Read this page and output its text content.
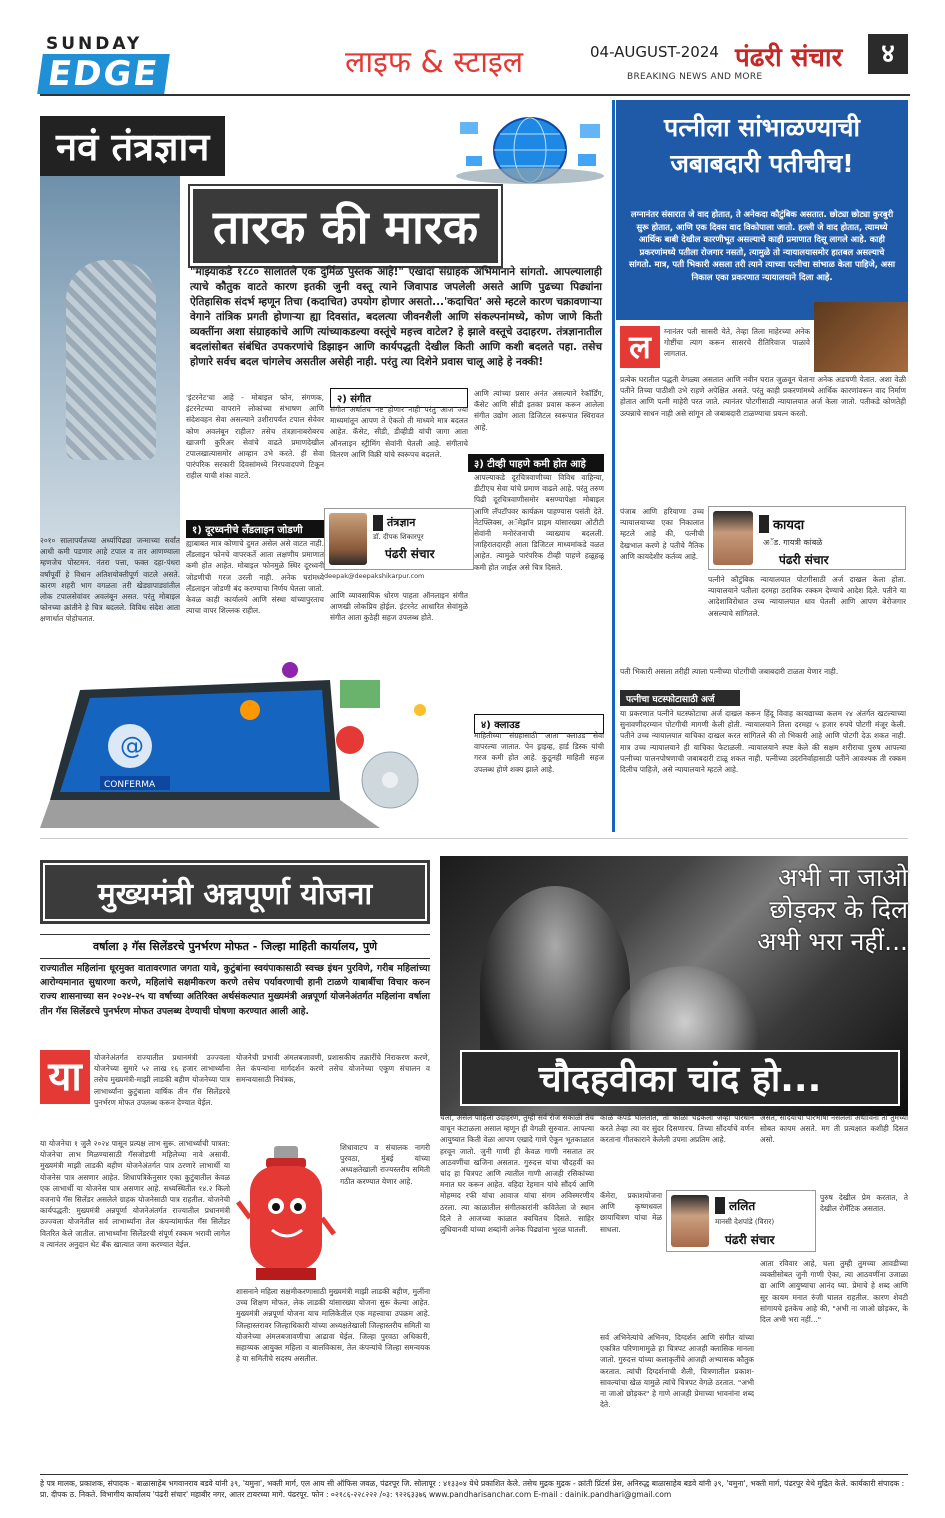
SUNDAY
EDGE	लाइफ & स्टाइल	04-AUGUST-2024 पंढरी संचार
BREAKING NEWS AND MORE
४
नवं तंत्रज्ञान
तारक की मारक
"माझ्याकडे १८८० सालातले एक दुर्मिळ पुस्तक आहे!" एखादा संग्राहक अभिमानाने सांगतो. आपल्यालाही त्याचे कौतुक वाटते कारण इतकी जुनी वस्तू त्याने जिवापाड जपलेली असते आणि पुढच्या पिढ्यांना ऐतिहासिक संदर्भ म्हणून तिचा (कदाचित) उपयोग होणार असतो...'कदाचित' असे म्हटले कारण चक्रावणाऱ्या वेगाने तांत्रिक प्रगती होणाऱ्या ह्या दिवसांत, बदलत्या जीवनशैली आणि संकल्पनांमध्ये, कोण जाणे किती व्यक्तींना अशा संग्राहकांचे आणि त्यांच्याकडल्या वस्तूंचे महत्त्व वाटेल? हे झाले वस्तूचे उदाहरण. तंत्रज्ञानातील बदलांसोबत संबंधित उपकरणांचे डिझाइन आणि कार्यपद्धती देखील किती आणि कशी बदलते पहा. तसेच होणारे सर्वच बदल चांगलेच असतील असेही नाही. परंतु त्या दिशेने प्रवास चालू आहे हे नक्की!
२०१० सालापर्यंतच्या अर्ध्यापिढ्या जन्माच्या सर्वांत आधी कमी पडणार आहे टपाल व तार आणण्याला म्हणजेच पोस्टमन. नंतरा पत्ता, फक्त दहा-पंधरा वर्षांपूर्वी हे विधान अतिशयोक्तीपूर्ण वाटले असते. कारण शहरी भाग वगळता तरी खेड्यापाड्यांतील लोक टपालसेवांवर अवलंबून असत. परंतु मोबाइल फोनच्या क्रांतीने हे चित्र बदलले. विविध संदेश आता क्षणार्धात पोहोचतात.
'इंटरनेट'चा आहे - मोबाइल फोन, संगणक, इंटरनेटच्या वापराने लोकांच्या संभाषण आणि संदेशवहन सेवा असल्याने उशीरापर्यंत टपाल सेवेवर कोण अवलंबून राहील? तसेच तंत्रज्ञानाबरोबरच खाजगी कुरिअर सेवांचे वाढते प्रमाणदेखील टपालखात्यासमोर आव्हान उभे करते. ही सेवा पारंपरिक सरकारी दिवसांमध्ये निरपवादपणे टिकून राहील याची शंका वाटते.
१) दूरध्वनीचे लॅंडलाइन जोडणी
ह्याबाबत मात्र कोणाचे दुमत असेल असे वाटत नाही. लॅंडलाइन फोनचे वापरकर्ते आता लक्षणीय प्रमाणात कमी होत आहेत. मोबाइल फोनमुळे स्थिर दूरध्वनी जोडणीची गरज उरली नाही. अनेक घरांमध्ये लॅंडलाइन जोडणी बंद करण्याचा निर्णय घेतला जातो. केवळ काही कार्यालये आणि संस्था यांच्यापुरताच त्याचा वापर शिल्लक राहील.
२) संगीत
संगीत अर्थातच नष्ट होणार नाही परंतु आज ज्या माध्यमांतून आपण ते ऐकतो ती माध्यमे मात्र बदलत आहेत. कॅसेट, सीडी, डीव्हीडी यांची जागा आता ऑनलाइन स्ट्रीमिंग सेवांनी घेतली आहे. संगीताचे वितरण आणि विक्री यांचे स्वरूपच बदलले.
आणि व्यावसायिक धोरण पाहता ऑनलाइन संगीत आणखी लोकप्रिय होईल. इंटरनेट आधारित सेवांमुळे संगीत आता कुठेही सहज उपलब्ध होते.
आणि त्यांच्या प्रसार अनंत असल्याने रेकॉर्डिंग, कॅसेट आणि सीडी इतका प्रवास करून आलेला संगीत उद्योग आता डिजिटल स्वरूपात स्थिरावत आहे.
३) टीव्ही पाहणे कमी होत आहे
आपल्याकडे दूरचित्रवाणीच्या विविध वाहिन्या, डीटीएच सेवा यांचे प्रमाण वाढले आहे. परंतु तरुण पिढी दूरचित्रवाणीसमोर बसण्यापेक्षा मोबाइल आणि लॅपटॉपवर कार्यक्रम पाहण्यास पसंती देते. नेटफ्लिक्स, अॅमेझॉन प्राइम यांसारख्या ओटीटी सेवांनी मनोरंजनाची व्याख्याच बदलली. जाहिरातदारही आता डिजिटल माध्यमांकडे वळत आहेत. त्यामुळे पारंपरिक टीव्ही पाहणे हळूहळू कमी होत जाईल असे चित्र दिसते.
४) क्लाउड
माहितीच्या संग्रहासाठी आता क्लाउड सेवा वापरल्या जातात. पेन ड्राइव्ह, हार्ड डिस्क यांची गरज कमी होत आहे. कुठूनही माहिती सहज उपलब्ध होणे शक्य झाले आहे.
तंत्रज्ञान
डॉ. दीपक शिकारपूर
पंढरी संचार
deepak@deepakshikarpur.com
@
CONFERMA
पत्नीला सांभाळण्याची जबाबदारी पतीचीच!
लग्नानंतर संसारात जे वाद होतात, ते अनेकदा कौटुंबिक असतात. छोट्या छोट्या कुरबुरी सुरू होतात, आणि एक दिवस वाद विकोपाला जातो. हल्ली जे वाद होतात, त्यामध्ये आर्थिक बाबी देखील कारणीभूत असल्याचे काही प्रमाणात दिसू लागले आहे. काही प्रकरणांमध्ये पतीला रोजगार नसतो, त्यामुळे तो न्यायालयासमोर हातबल असल्याचे सांगतो. मात्र, पती भिकारी असला तरी त्याने त्याच्या पत्नीचा सांभाळ केला पाहिजे, असा निकाल एका प्रकरणात न्यायालयाने दिला आहे.
ल	ग्नानंतर पती सासरी येते, तेव्हा तिला माहेरच्या अनेक गोष्टींचा त्याग करून सासरचे रीतिरिवाज पाळावे लागतात.
प्रत्येक घरातील पद्धती वेगळ्या असतात आणि नवीन घरात जुळवून घेताना अनेक अडचणी येतात. अशा वेळी पतीने तिच्या पाठीशी उभे राहणे अपेक्षित असते. परंतु काही प्रकरणांमध्ये आर्थिक कारणांवरून वाद निर्माण होतात आणि पत्नी माहेरी परत जाते. त्यानंतर पोटगीसाठी न्यायालयात अर्ज केला जातो. पतीकडे कोणतेही उत्पन्नाचे साधन नाही असे सांगून तो जबाबदारी टाळण्याचा प्रयत्न करतो.
पंजाब आणि हरियाणा उच्च न्यायालयाच्या एका निकालात म्हटले आहे की, पत्नीची देखभाल करणे हे पतीचे नैतिक आणि कायदेशीर कर्तव्य आहे.
कायदा
अॅड. गायत्री कांबळे
पंढरी संचार
पत्नीने कौटुंबिक न्यायालयात पोटगीसाठी अर्ज दाखल केला होता. न्यायालयाने पतीला दरमहा ठराविक रक्कम देण्याचे आदेश दिले. पतीने या आदेशाविरोधात उच्च न्यायालयात धाव घेतली आणि आपण बेरोजगार असल्याचे सांगितले.
पती भिकारी असला तरीही त्याला पत्नीच्या पोटगीची जबाबदारी टाळता येणार नाही.
पत्नीचा घटस्फोटासाठी अर्ज
या प्रकरणात पत्नीने घटस्फोटाचा अर्ज दाखल करून हिंदू विवाह कायद्याच्या कलम २४ अंतर्गत खटल्याच्या सुनावणीदरम्यान पोटगीची मागणी केली होती. न्यायालयाने तिला दरमहा ५ हजार रुपये पोटगी मंजूर केली. पतीने उच्च न्यायालयात याचिका दाखल करत सांगितले की तो भिकारी आहे आणि पोटगी देऊ शकत नाही. मात्र उच्च न्यायालयाने ही याचिका फेटाळली. न्यायालयाने स्पष्ट केले की सक्षम शरीराचा पुरुष आपल्या पत्नीच्या पालनपोषणाची जबाबदारी टाळू शकत नाही. पत्नीच्या उदरनिर्वाहासाठी पतीने आवश्यक ती रक्कम दिलीच पाहिजे, असे न्यायालयाने म्हटले आहे.
मुख्यमंत्री अन्नपूर्णा योजना
वर्षाला ३ गॅस सिलेंडरचे पुनर्भरण मोफत - जिल्हा माहिती कार्यालय, पुणे
राज्यातील महिलांना धूरमुक्त वातावरणात जगता यावे, कुटुंबांना स्वयंपाकासाठी स्वच्छ इंधन पुरविणे, गरीब महिलांच्या आरोग्यमानात सुधारणा करणे, महिलांचे सक्षमीकरण करणे तसेच पर्यावरणाची हानी टाळणे याबाबींचा विचार करुन राज्य शासनाच्या सन २०२४-२५ या वर्षाच्या अतिरिक्त अर्थसंकल्पात मुख्यमंत्री अन्नपूर्णा योजनेअंतर्गत महिलांना वर्षाला तीन गॅस सिलेंडरचे पुनर्भरण मोफत उपलब्ध देण्याची घोषणा करण्यात आली आहे.
या	योजनेअंतर्गत राज्यातील प्रधानमंत्री उज्ज्वला योजनेच्या सुमारे ५२ लाख १६ हजार लाभार्थ्यांना तसेच मुख्यमंत्री-माझी लाडकी बहीण योजनेच्या पात्र लाभार्थ्यांना कुटुंबाला वार्षिक तीन गॅस सिलेंडरचे पुनर्भरण मोफत उपलब्ध करून देण्यात येईल.
या योजनेचा १ जुलै २०२४ पासून प्रत्यक्ष लाभ सुरू. लाभार्थ्याची पात्रता: योजनेचा लाभ मिळण्यासाठी गॅसजोडणी महिलेच्या नावे असावी. मुख्यमंत्री माझी लाडकी बहीण योजनेअंतर्गत पात्र ठरणारे लाभार्थी या योजनेस पात्र असणार आहेत. शिधापत्रिकेनुसार एका कुटुंबातील केवळ एक लाभार्थी या योजनेस पात्र असणार आहे. सध्यस्थितीत १४.२ किलो वजनाचे गॅस सिलेंडर असलेले ग्राहक योजनेसाठी पात्र राहतील. योजनेची कार्यपद्धती: मुख्यमंत्री अन्नपूर्णा योजनेअंतर्गत राज्यातील प्रधानमंत्री उज्ज्वला योजनेतील सर्व लाभार्थ्यांना तेल कंपन्यांमार्फत गॅस सिलेंडर वितरित केले जातील. लाभार्थ्यांना सिलेंडरची संपूर्ण रक्कम भरावी लागेल व त्यानंतर अनुदान थेट बँक खात्यात जमा करण्यात येईल.
योजनेची प्रभावी अंमलबजावणी, प्रशासकीय तक्रारींचे निराकरण करणे, तेल कंपन्यांना मार्गदर्शन करणे तसेच योजनेच्या एकूण संचालन व समन्वयासाठी नियंत्रक,
शिधावाटप व संचालक नागरी पुरवठा, मुंबई यांच्या अध्यक्षतेखाली राज्यस्तरीय समिती गठीत करण्यात येणार आहे.
शासनाने महिला सक्षमीकरणासाठी मुख्यमंत्री माझी लाडकी बहीण, मुलींना उच्च शिक्षण मोफत, लेक लाडकी यांसारख्या योजना सुरू केल्या आहेत. मुख्यमंत्री अन्नपूर्णा योजना याच मालिकेतील एक महत्त्वाचा उपक्रम आहे. जिल्हास्तरावर जिल्हाधिकारी यांच्या अध्यक्षतेखाली जिल्हास्तरीय समिती या योजनेच्या अंमलबजावणीचा आढावा घेईल. जिल्हा पुरवठा अधिकारी, सहाय्यक आयुक्त महिला व बालविकास, तेल कंपन्यांचे जिल्हा समन्वयक हे या समितीचे सदस्य असतील.
अभी ना जाओ छोड़कर के दिल अभी भरा नहीं...
चौदहवीका चांद हो...
चला, असेल पाहिला उदाहरण, तुम्ही सर्व रोज सकाळी तेच वाचून कंटाळला असाल म्हणून ही वेगळी सुरुवात. आपल्या आयुष्यात किती वेळा आपण एखादे गाणे ऐकून भूतकाळात हरवून जातो. जुनी गाणी ही केवळ गाणी नसतात तर आठवणींचा खजिना असतात. गुरुदत्त यांचा चौदहवीं का चांद हा चित्रपट आणि त्यातील गाणी आजही रसिकांच्या मनात घर करून आहेत. वहिदा रेहमान यांचे सौंदर्य आणि मोहम्मद रफी यांचा आवाज यांचा संगम अविस्मरणीय ठरला. त्या काळातील संगीतकारांनी कवितेला जे स्थान दिले ते आजच्या काळात क्वचितच दिसते. साहिर लुधियानवी यांच्या शब्दांनी अनेक पिढ्यांना भुरळ घातली.
काळे कपडे घालतात, तो काळी चंद्रकला जेव्हा परिधान करते तेव्हा त्या वर सुंदर दिसणारच. तिच्या सौंदर्याचे वर्णन करताना गीतकाराने केलेली उपमा अप्रतिम आहे.
कॅमेरा, प्रकाशयोजना आणि कृष्णधवल छायाचित्रण यांचा मेळ साधला.
ललित
मानसी देशपांडे (विरार)
पंढरी संचार
सर्व अभिनेत्यांचे अभिनय, दिग्दर्शन आणि संगीत यांच्या एकत्रित परिणामामुळे हा चित्रपट आजही क्लासिक मानला जातो. गुरुदत्त यांच्या कलाकृतींचे आजही अभ्यासक कौतुक करतात. त्यांची दिग्दर्शनाची शैली, चित्रणातील प्रकाश-सावल्यांचा खेळ यामुळे त्यांचे चित्रपट वेगळे ठरतात. "अभी ना जाओ छोड़कर" हे गाणे आजही प्रेमाच्या भावनांना शब्द देते.
असते, सौंदर्याची परिभाषा नसलेली अर्थाविना ती तुमच्या सोबत कायम असते. मग ती प्रत्यक्षात कशीही दिसत असो.
पुरुष देखील प्रेम करतात, ते देखील रोमँटिक असतात.
आता रविवार आहे, चला तुम्ही तुमच्या आवडीच्या व्यक्तीसोबत जुनी गाणी ऐका, त्या आठवणींना उजाळा द्या आणि आयुष्याचा आनंद घ्या. प्रेमाचे हे शब्द आणि सूर कायम मनात रुंजी घालत राहतील. कारण शेवटी सांगायचे इतकेच आहे की, "अभी ना जाओ छोड़कर, के दिल अभी भरा नहीं..."
हे पत्र मालक, प्रकाशक, संपादक - बाळासाहेब भगवानराव बडवे यांनी ३९, 'यमुना', भक्ती मार्ग, एल आय सी ऑफिस जवळ, पंढरपूर जि. सोलापूर : ४१३३०४ येथे प्रकाशित केले. तसेच मुद्रक मुद्रक - क्रांती प्रिंटर्स प्रेस, अनिरुद्ध बाळासाहेब बडवे यांनी ३९, 'यमुना', भक्ती मार्ग, पंढरपूर येथे मुद्रित केले. कार्यकारी संपादक : प्रा. दीपक ठ. निकते. विभागीय कार्यालय 'पंढरी संचार' महाबीर नगर, आतर टायरच्या मागे. पंढरपूर. फोन : ०२१८६-२२८२२२ /०३: ९२२६३३७६ www.pandharisanchar.com E-mail : dainik.pandhari@gmail.com
